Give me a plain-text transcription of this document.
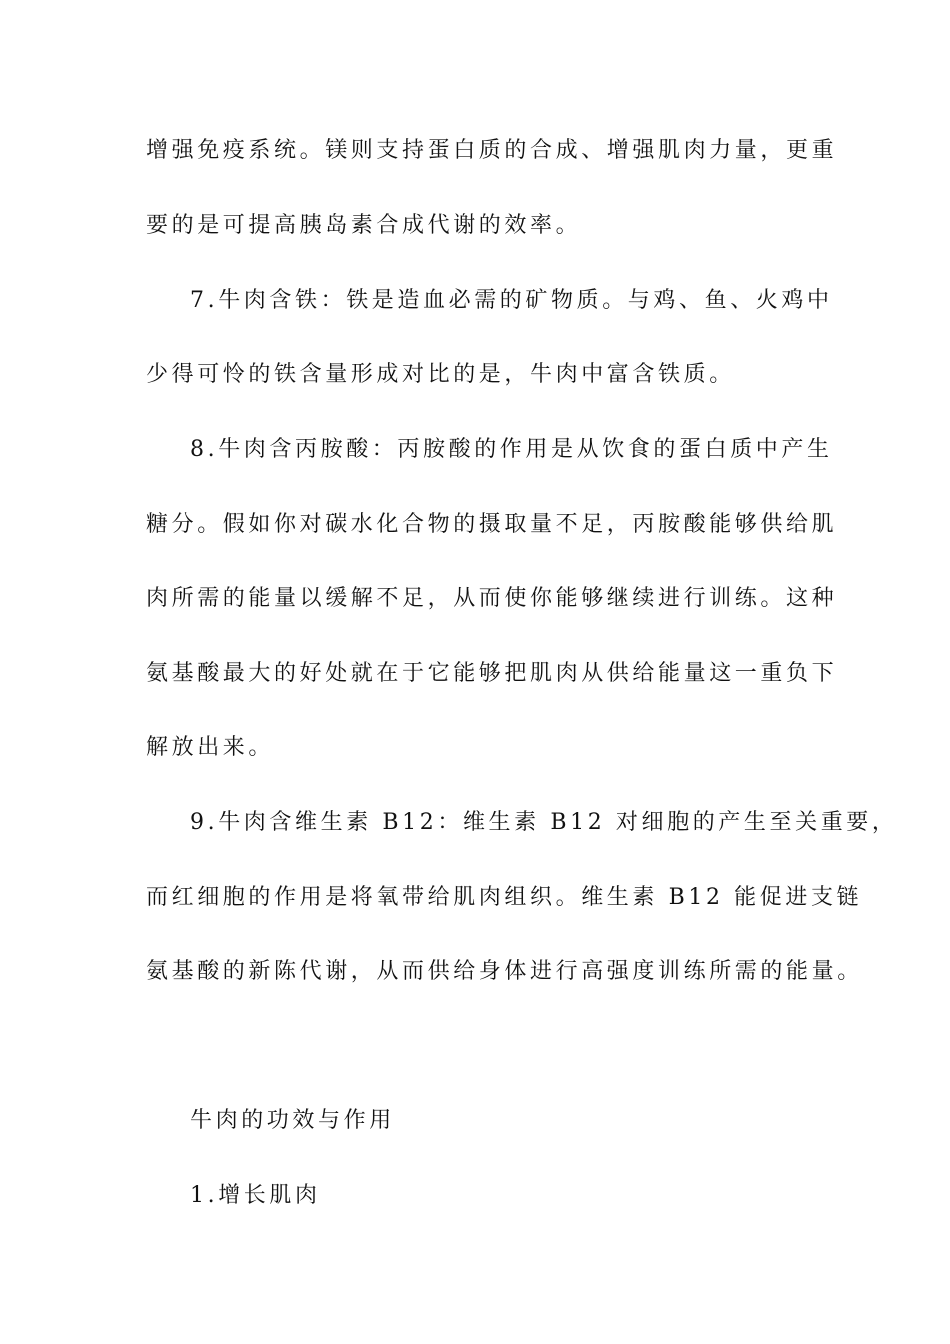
增强免疫系统。镁则支持蛋白质的合成、增强肌肉力量，更重
要的是可提高胰岛素合成代谢的效率。
7.牛肉含铁：铁是造血必需的矿物质。与鸡、鱼、火鸡中
少得可怜的铁含量形成对比的是，牛肉中富含铁质。
8.牛肉含丙胺酸：丙胺酸的作用是从饮食的蛋白质中产生
糖分。假如你对碳水化合物的摄取量不足，丙胺酸能够供给肌
肉所需的能量以缓解不足，从而使你能够继续进行训练。这种
氨基酸最大的好处就在于它能够把肌肉从供给能量这一重负下
解放出来。
9.牛肉含维生素 B12：维生素 B12 对细胞的产生至关重要，
而红细胞的作用是将氧带给肌肉组织。维生素 B12 能促进支链
氨基酸的新陈代谢，从而供给身体进行高强度训练所需的能量。
牛肉的功效与作用
1.增长肌肉
